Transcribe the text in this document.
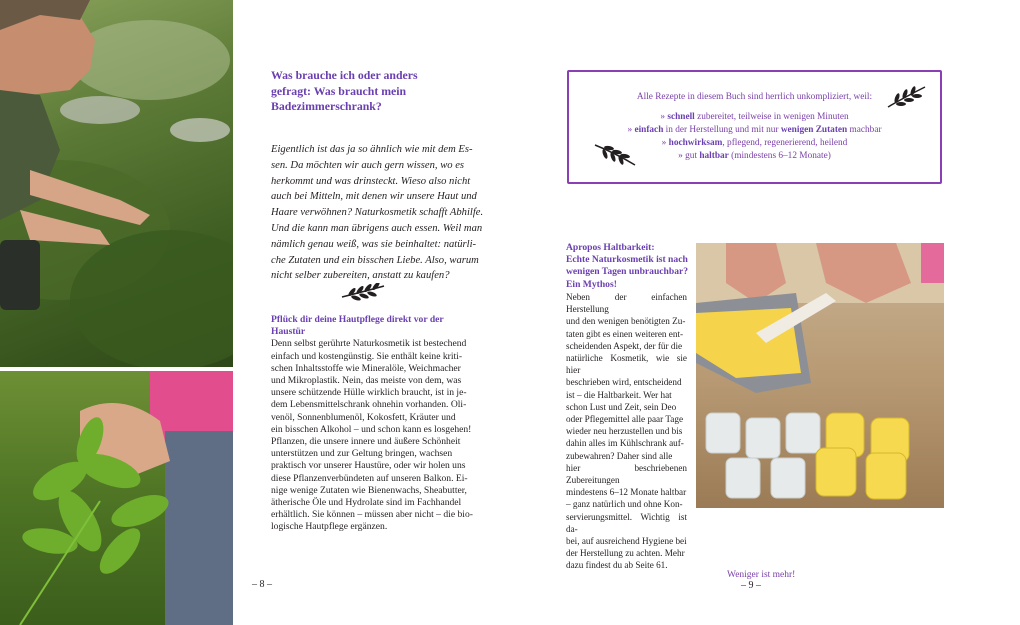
Was brauche ich oder anders
gefragt: Was braucht mein
Badezimmerschrank?
Eigentlich ist das ja so ähnlich wie mit dem Es-
sen. Da möchten wir auch gern wissen, wo es
herkommt und was drinsteckt. Wieso also nicht
auch bei Mitteln, mit denen wir unsere Haut und
Haare verwöhnen? Naturkosmetik schafft Abhilfe.
Und die kann man übrigens auch essen. Weil man
nämlich genau weiß, was sie beinhaltet: natürli-
che Zutaten und ein bisschen Liebe. Also, warum
nicht selber zubereiten, anstatt zu kaufen?
Pflück dir deine Hautpflege direkt vor der
Haustür
Denn selbst gerührte Naturkosmetik ist bestechend
einfach und kostengünstig. Sie enthält keine kriti-
schen Inhaltsstoffe wie Mineralöle, Weichmacher
und Mikroplastik. Nein, das meiste von dem, was
unsere schützende Hülle wirklich braucht, ist in je-
dem Lebensmittelschrank ohnehin vorhanden. Oli-
venöl, Sonnenblumenöl, Kokosfett, Kräuter und
ein bisschen Alkohol – und schon kann es losgehen!
Pflanzen, die unsere innere und äußere Schönheit
unterstützen und zur Geltung bringen, wachsen
praktisch vor unserer Haustüre, oder wir holen uns
diese Pflanzenverbündeten auf unseren Balkon. Ei-
nige wenige Zutaten wie Bienenwachs, Sheabutter,
ätherische Öle und Hydrolate sind im Fachhandel
erhältlich. Sie können – müssen aber nicht – die bio-
logische Hautpflege ergänzen.
– 8 –
Alle Rezepte in diesem Buch sind herrlich unkompliziert, weil:
» schnell zubereitet, teilweise in wenigen Minuten
» einfach in der Herstellung und mit nur wenigen Zutaten machbar
» hochwirksam, pflegend, regenerierend, heilend
» gut haltbar (mindestens 6–12 Monate)
Apropos Haltbarkeit:
Echte Naturkosmetik ist nach
wenigen Tagen unbrauchbar?
Ein Mythos!
Neben der einfachen Herstellung
und den wenigen benötigten Zu-
taten gibt es einen weiteren ent-
scheidenden Aspekt, der für die
natürliche Kosmetik, wie sie hier
beschrieben wird, entscheidend
ist – die Haltbarkeit. Wer hat
schon Lust und Zeit, sein Deo
oder Pflegemittel alle paar Tage
wieder neu herzustellen und bis
dahin alles im Kühlschrank auf-
zubewahren? Daher sind alle
hier beschriebenen Zubereitungen
mindestens 6–12 Monate haltbar
– ganz natürlich und ohne Kon-
servierungsmittel. Wichtig ist da-
bei, auf ausreichend Hygiene bei
der Herstellung zu achten. Mehr
dazu findest du ab Seite 61.
Weniger ist mehr!
– 9 –
